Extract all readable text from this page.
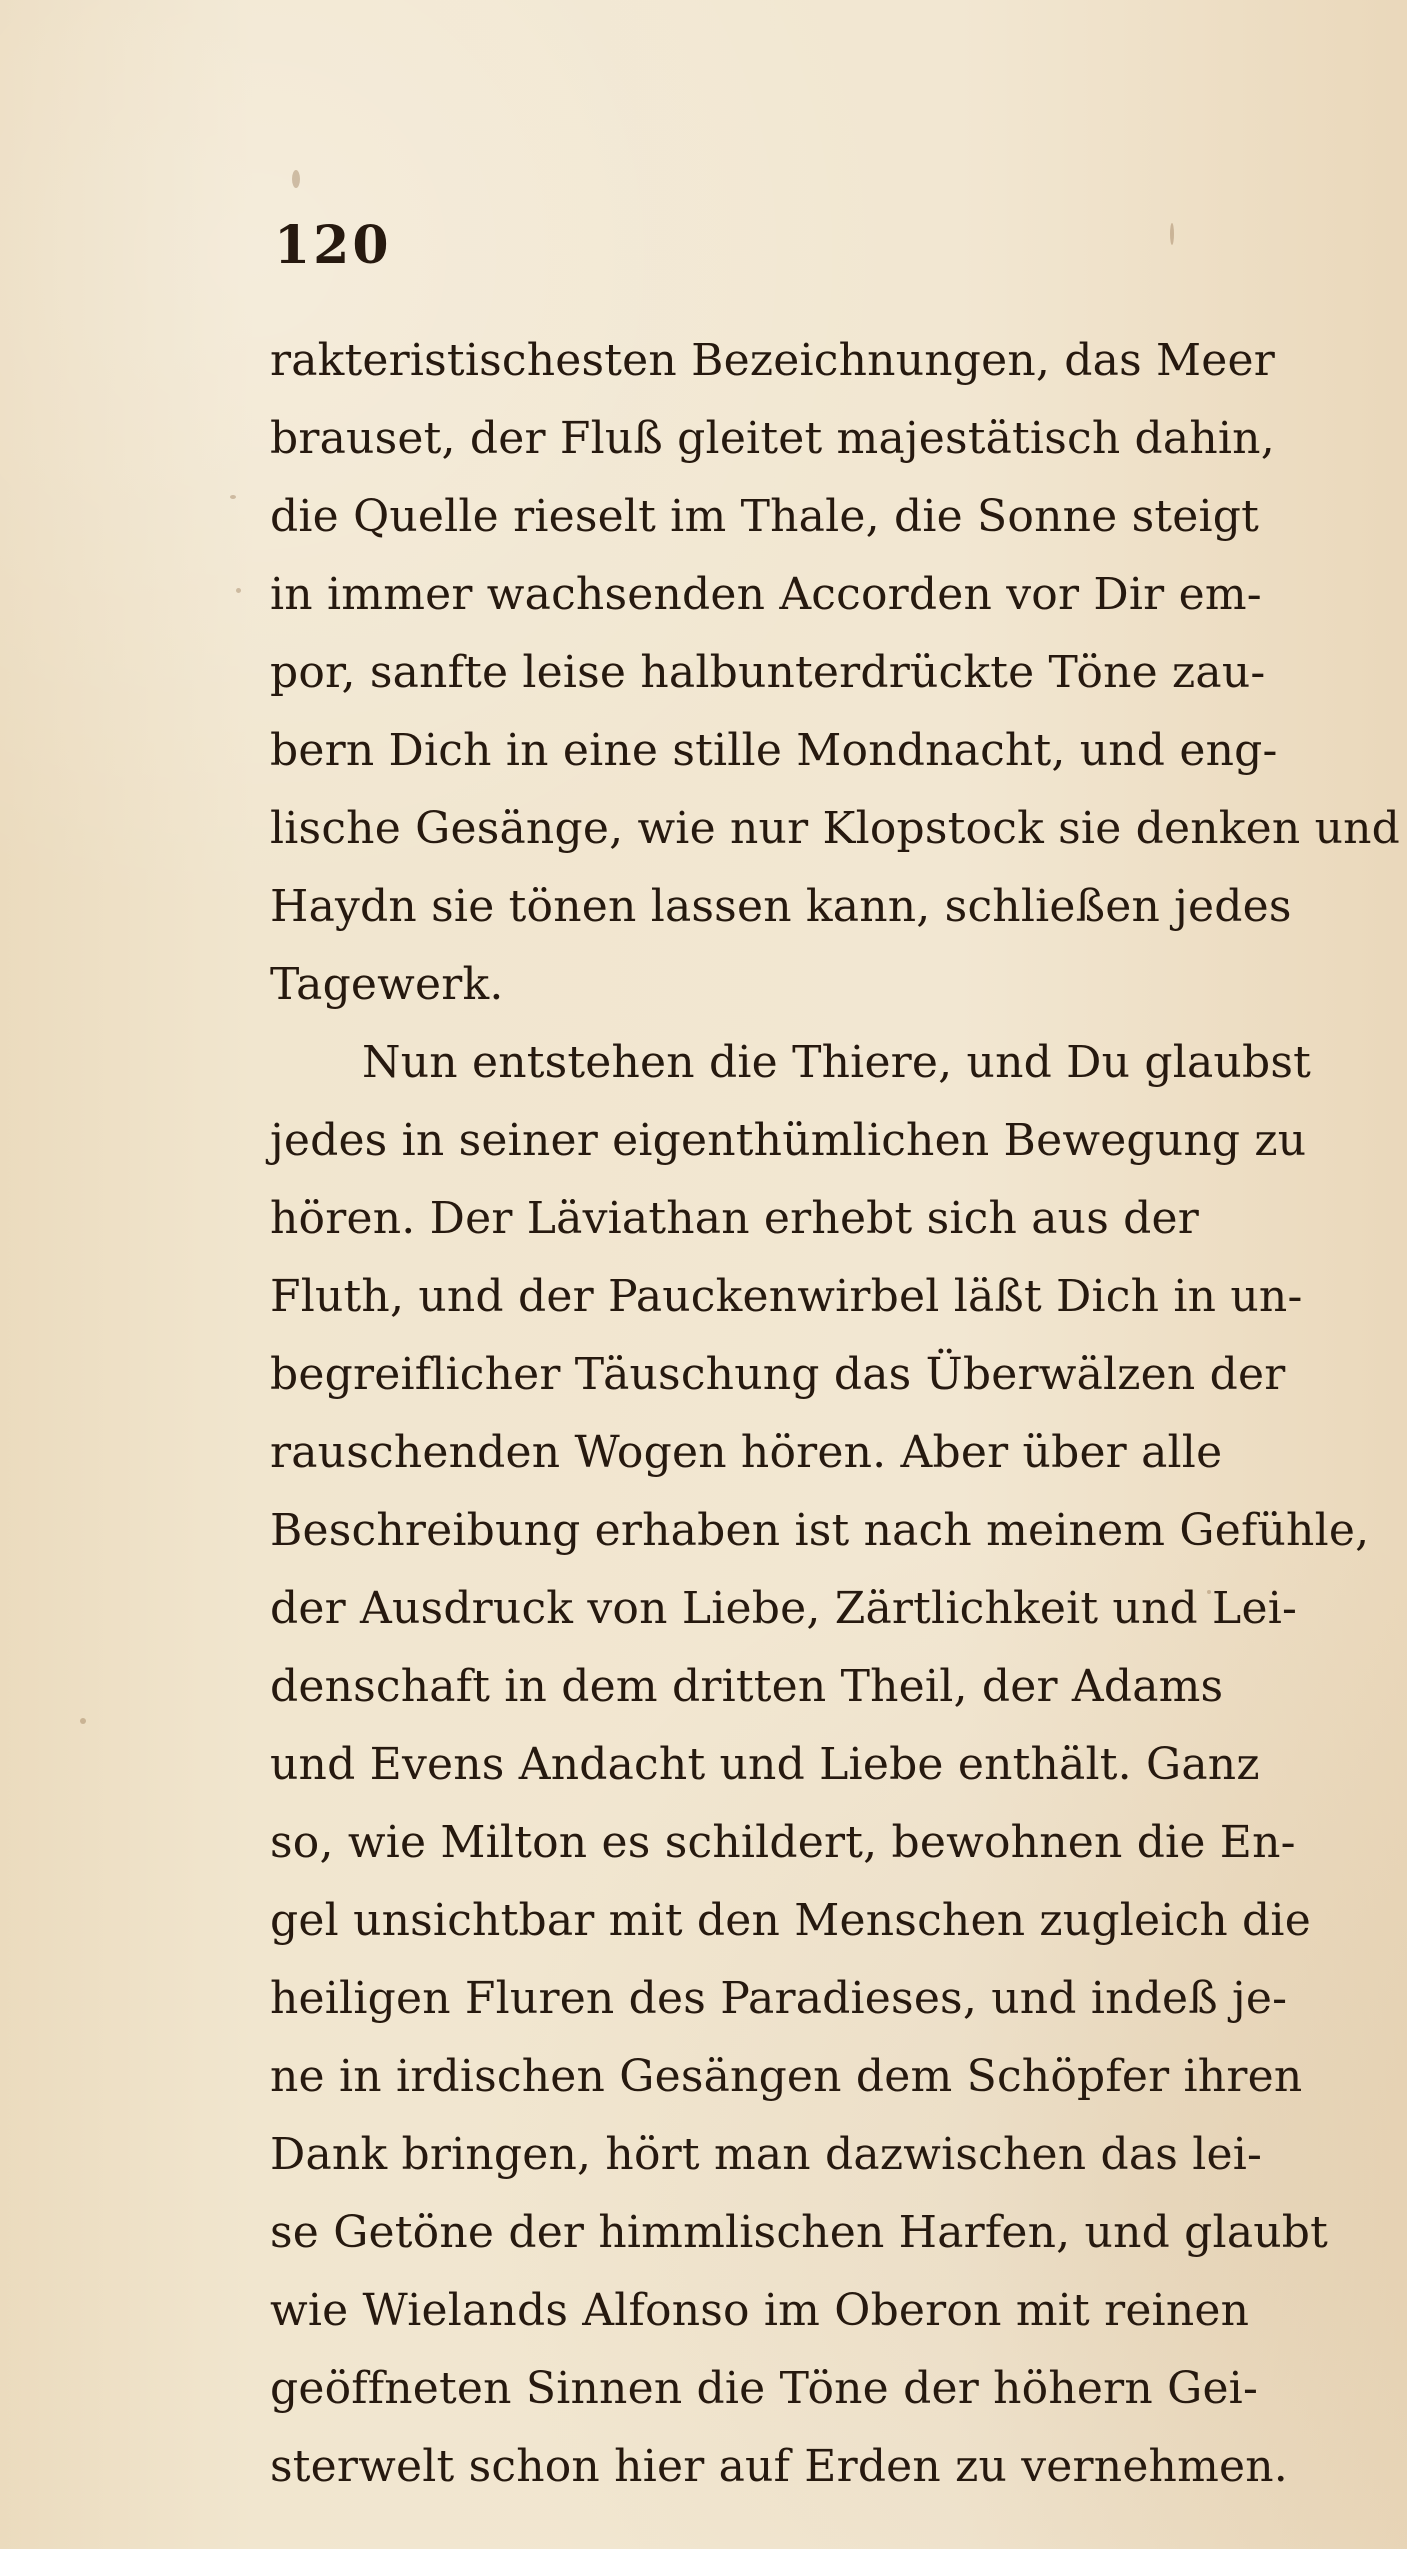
120
rakteristischesten Bezeichnungen, das Meer
brauset, der Fluß gleitet majestätisch dahin,
die Quelle rieselt im Thale, die Sonne steigt
in immer wachsenden Accorden vor Dir em-
por, sanfte leise halbunterdrückte Töne zau-
bern Dich in eine stille Mondnacht, und eng-
lische Gesänge, wie nur Klopstock sie denken und
Haydn sie tönen lassen kann, schließen jedes
Tagewerk.
Nun entstehen die Thiere, und Du glaubst
jedes in seiner eigenthümlichen Bewegung zu
hören. Der Läviathan erhebt sich aus der
Fluth, und der Pauckenwirbel läßt Dich in un-
begreiflicher Täuschung das Überwälzen der
rauschenden Wogen hören. Aber über alle
Beschreibung erhaben ist nach meinem Gefühle,
der Ausdruck von Liebe, Zärtlichkeit und Lei-
denschaft in dem dritten Theil, der Adams
und Evens Andacht und Liebe enthält. Ganz
so, wie Milton es schildert, bewohnen die En-
gel unsichtbar mit den Menschen zugleich die
heiligen Fluren des Paradieses, und indeß je-
ne in irdischen Gesängen dem Schöpfer ihren
Dank bringen, hört man dazwischen das lei-
se Getöne der himmlischen Harfen, und glaubt
wie Wielands Alfonso im Oberon mit reinen
geöffneten Sinnen die Töne der höhern Gei-
sterwelt schon hier auf Erden zu vernehmen.
